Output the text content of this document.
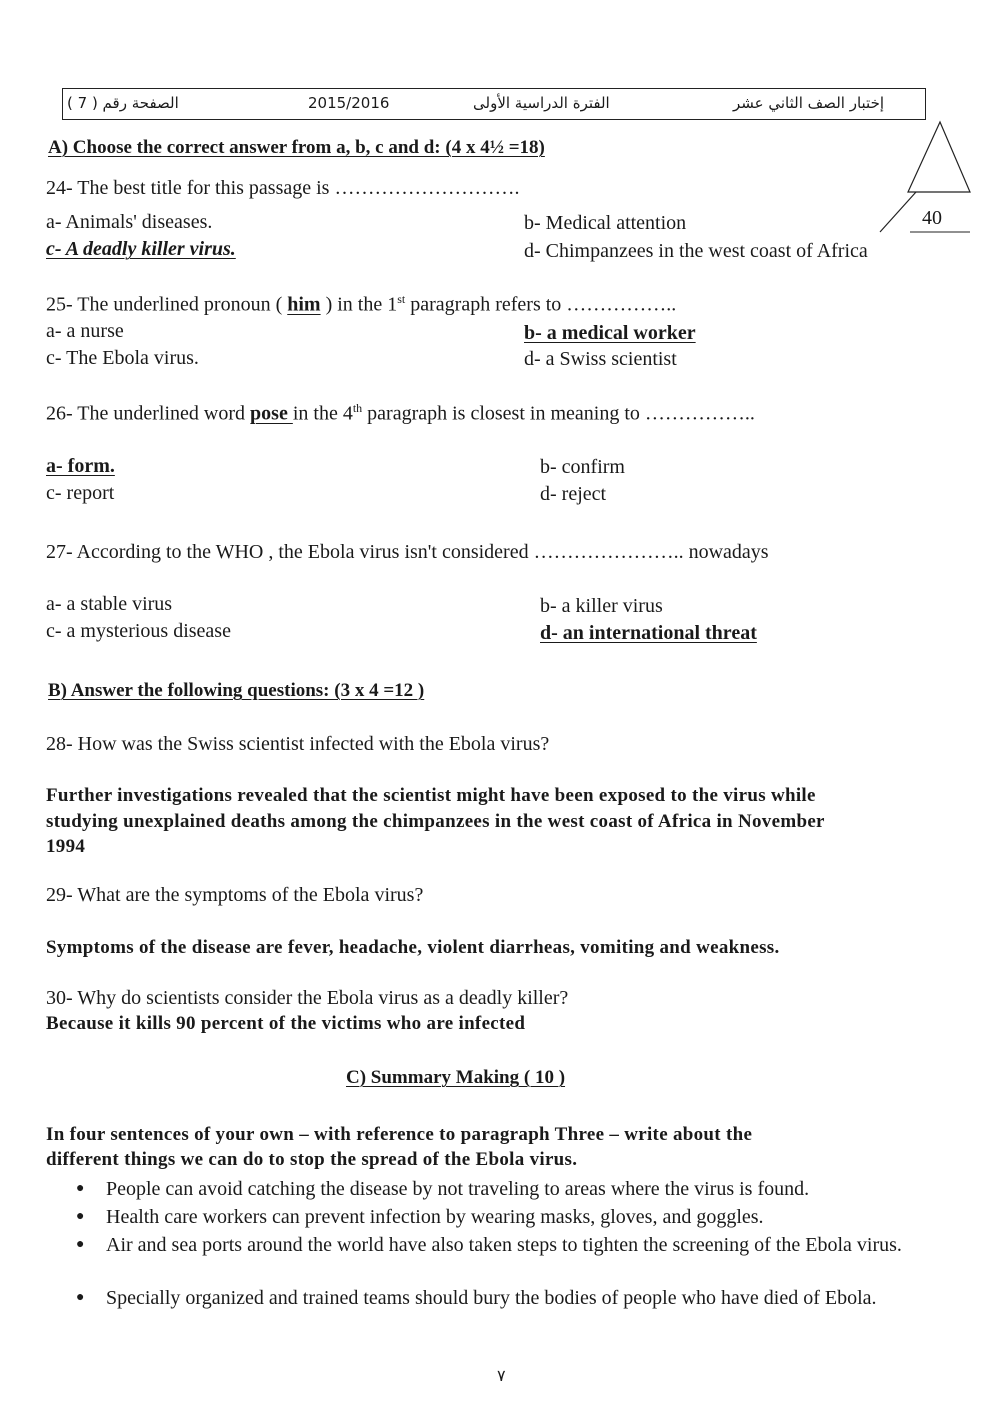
الصفحة رقم ( 7 )	2015/2016	الفترة الدراسية الأولى	إختبار الصف الثاني عشر
40
A) Choose the correct answer from a, b, c and d: (4 x 4½ =18)
24- The best title for this passage is ……………………….
a- Animals' diseases.	b- Medical attention
c- A deadly killer virus.	d- Chimpanzees in the west coast of Africa
25- The underlined pronoun ( him ) in the 1st paragraph refers to ……………..
a- a nurse	b- a medical worker
c- The Ebola virus.	d- a Swiss scientist
26- The underlined word pose in the 4th paragraph is closest in meaning to ……………..
a- form.	b- confirm
c- report	d- reject
27- According to the WHO , the Ebola virus isn't considered ………………….. nowadays
a- a stable virus	b- a killer virus
c- a mysterious disease	d- an international threat
B) Answer the following questions: (3 x 4 =12 )
28- How was the Swiss scientist infected with the Ebola virus?
Further investigations revealed that the scientist might have been exposed to the virus while
studying unexplained deaths among the chimpanzees in the west coast of Africa in November
1994
29- What are the symptoms of the Ebola virus?
Symptoms of the disease are fever, headache, violent diarrheas, vomiting and weakness.
30- Why do scientists consider the Ebola virus as a deadly killer?
Because it kills 90 percent of the victims who are infected
C) Summary Making ( 10 )
In four sentences of your own – with reference to paragraph Three – write about the
different things we can do to stop the spread of the Ebola virus.
● People can avoid catching the disease by not traveling to areas where the virus is found.
● Health care workers can prevent infection by wearing masks, gloves, and goggles.
● Air and sea ports around the world have also taken steps to tighten the screening of the Ebola virus.
● Specially organized and trained teams should bury the bodies of people who have died of Ebola.
٧
